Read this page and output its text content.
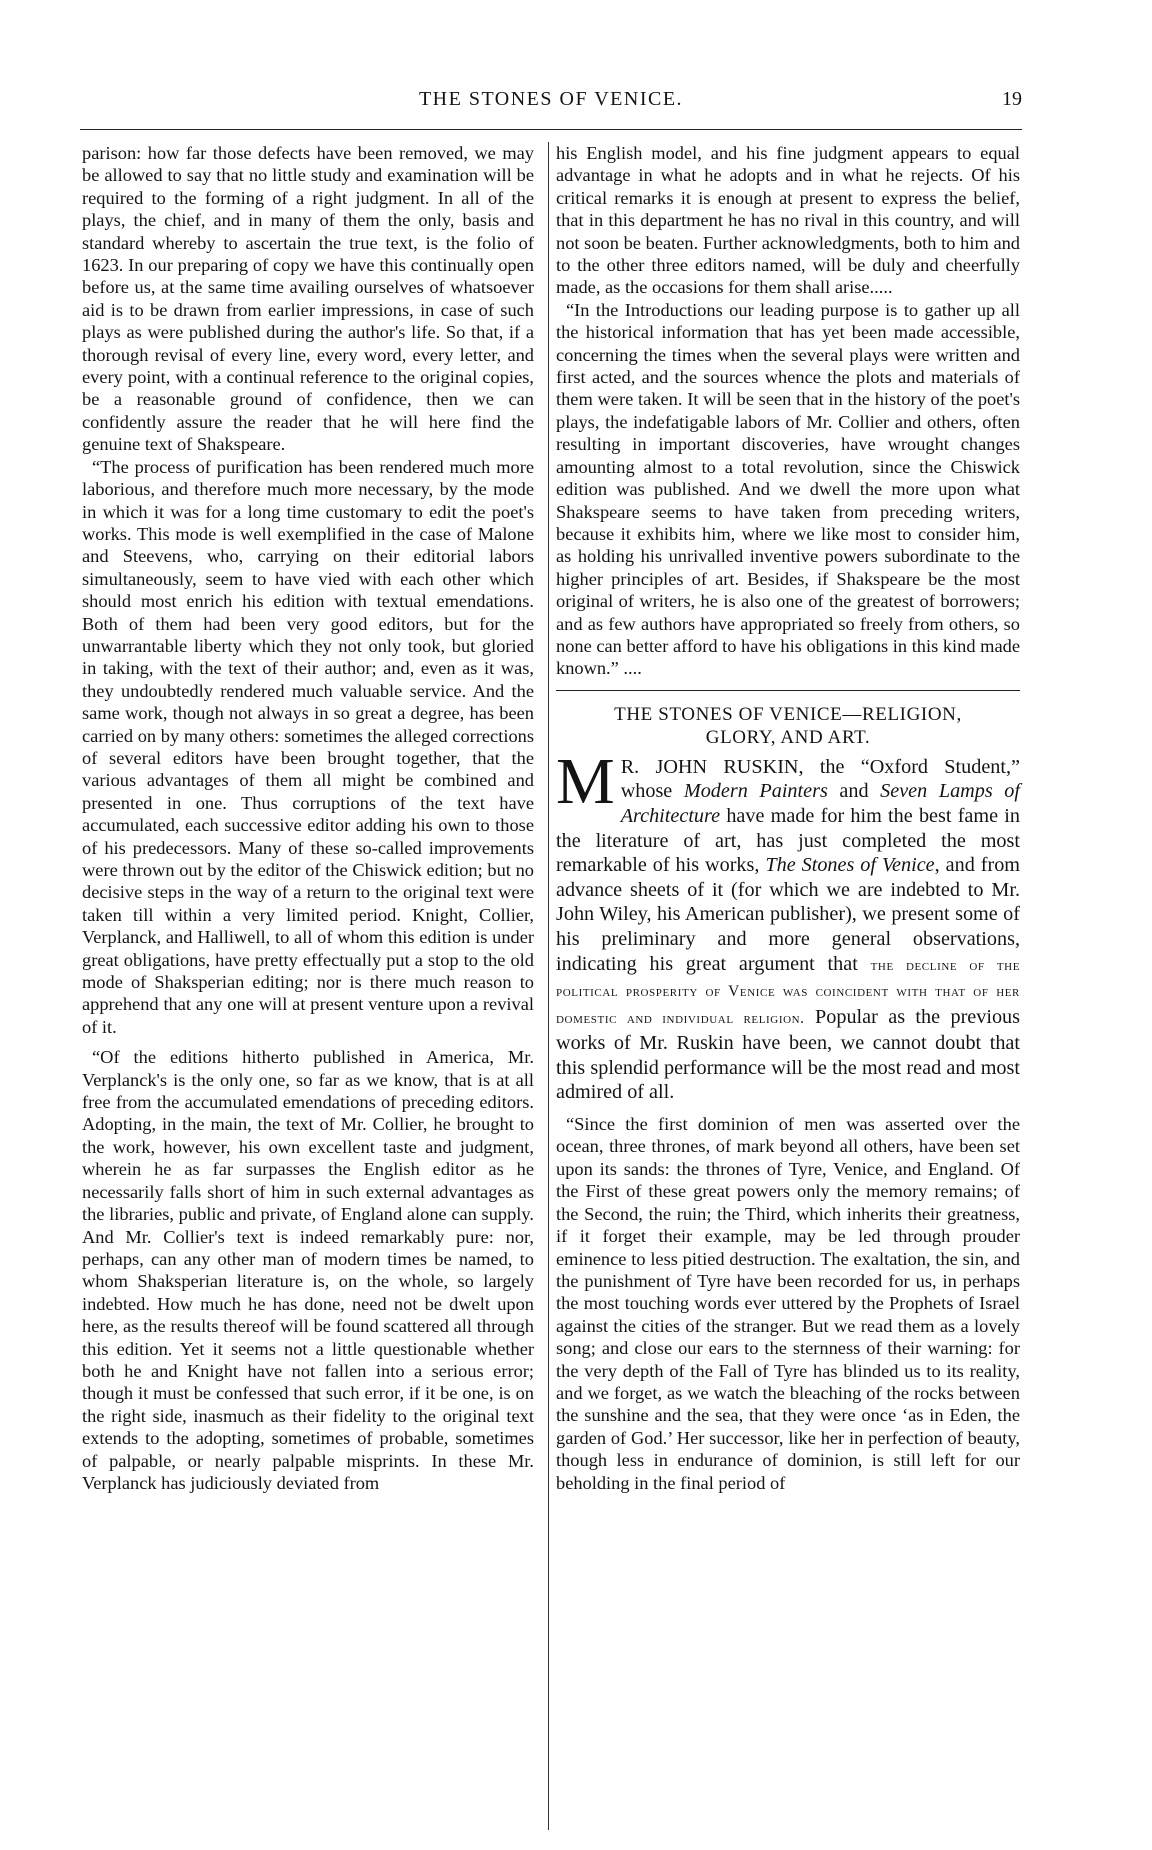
THE STONES OF VENICE.	19

parison: how far those defects have been removed, we may be allowed to say that no little study and examination will be required to the forming of a right judgment. In all of the plays, the chief, and in many of them the only, basis and standard whereby to ascertain the true text, is the folio of 1623. In our preparing of copy we have this continually open before us, at the same time availing ourselves of whatsoever aid is to be drawn from earlier impressions, in case of such plays as were published during the author's life. So that, if a thorough revisal of every line, every word, every letter, and every point, with a continual reference to the original copies, be a reasonable ground of confidence, then we can confidently assure the reader that he will here find the genuine text of Shakspeare.

“The process of purification has been rendered much more laborious, and therefore much more necessary, by the mode in which it was for a long time customary to edit the poet's works. This mode is well exemplified in the case of Malone and Steevens, who, carrying on their editorial labors simultaneously, seem to have vied with each other which should most enrich his edition with textual emendations. Both of them had been very good editors, but for the unwarrantable liberty which they not only took, but gloried in taking, with the text of their author; and, even as it was, they undoubtedly rendered much valuable service. And the same work, though not always in so great a degree, has been carried on by many others: sometimes the alleged corrections of several editors have been brought together, that the various advantages of them all might be combined and presented in one. Thus corruptions of the text have accumulated, each successive editor adding his own to those of his predecessors. Many of these so-called improvements were thrown out by the editor of the Chiswick edition; but no decisive steps in the way of a return to the original text were taken till within a very limited period. Knight, Collier, Verplanck, and Halliwell, to all of whom this edition is under great obligations, have pretty effectually put a stop to the old mode of Shaksperian editing; nor is there much reason to apprehend that any one will at present venture upon a revival of it.

“Of the editions hitherto published in America, Mr. Verplanck's is the only one, so far as we know, that is at all free from the accumulated emendations of preceding editors. Adopting, in the main, the text of Mr. Collier, he brought to the work, however, his own excellent taste and judgment, wherein he as far surpasses the English editor as he necessarily falls short of him in such external advantages as the libraries, public and private, of England alone can supply. And Mr. Collier's text is indeed remarkably pure: nor, perhaps, can any other man of modern times be named, to whom Shaksperian literature is, on the whole, so largely indebted. How much he has done, need not be dwelt upon here, as the results thereof will be found scattered all through this edition. Yet it seems not a little questionable whether both he and Knight have not fallen into a serious error; though it must be confessed that such error, if it be one, is on the right side, inasmuch as their fidelity to the original text extends to the adopting, sometimes of probable, sometimes of palpable, or nearly palpable misprints. In these Mr. Verplanck has judiciously deviated from

his English model, and his fine judgment appears to equal advantage in what he adopts and in what he rejects. Of his critical remarks it is enough at present to express the belief, that in this department he has no rival in this country, and will not soon be beaten. Further acknowledgments, both to him and to the other three editors named, will be duly and cheerfully made, as the occasions for them shall arise.....

“In the Introductions our leading purpose is to gather up all the historical information that has yet been made accessible, concerning the times when the several plays were written and first acted, and the sources whence the plots and materials of them were taken. It will be seen that in the history of the poet's plays, the indefatigable labors of Mr. Collier and others, often resulting in important discoveries, have wrought changes amounting almost to a total revolution, since the Chiswick edition was published. And we dwell the more upon what Shakspeare seems to have taken from preceding writers, because it exhibits him, where we like most to consider him, as holding his unrivalled inventive powers subordinate to the higher principles of art. Besides, if Shakspeare be the most original of writers, he is also one of the greatest of borrowers; and as few authors have appropriated so freely from others, so none can better afford to have his obligations in this kind made known.” ....

THE STONES OF VENICE—RELIGION,
GLORY, AND ART.

M R. JOHN RUSKIN, the “Oxford Student,” whose Modern Painters and Seven Lamps of Architecture have made for him the best fame in the literature of art, has just completed the most remarkable of his works, The Stones of Venice, and from advance sheets of it (for which we are indebted to Mr. John Wiley, his American publisher), we present some of his preliminary and more general observations, indicating his great argument that the decline of the political prosperity of Venice was coincident with that of her domestic and individual religion. Popular as the previous works of Mr. Ruskin have been, we cannot doubt that this splendid performance will be the most read and most admired of all.

“Since the first dominion of men was asserted over the ocean, three thrones, of mark beyond all others, have been set upon its sands: the thrones of Tyre, Venice, and England. Of the First of these great powers only the memory remains; of the Second, the ruin; the Third, which inherits their greatness, if it forget their example, may be led through prouder eminence to less pitied destruction. The exaltation, the sin, and the punishment of Tyre have been recorded for us, in perhaps the most touching words ever uttered by the Prophets of Israel against the cities of the stranger. But we read them as a lovely song; and close our ears to the sternness of their warning: for the very depth of the Fall of Tyre has blinded us to its reality, and we forget, as we watch the bleaching of the rocks between the sunshine and the sea, that they were once ‘as in Eden, the garden of God.’ Her successor, like her in perfection of beauty, though less in endurance of dominion, is still left for our beholding in the final period of
